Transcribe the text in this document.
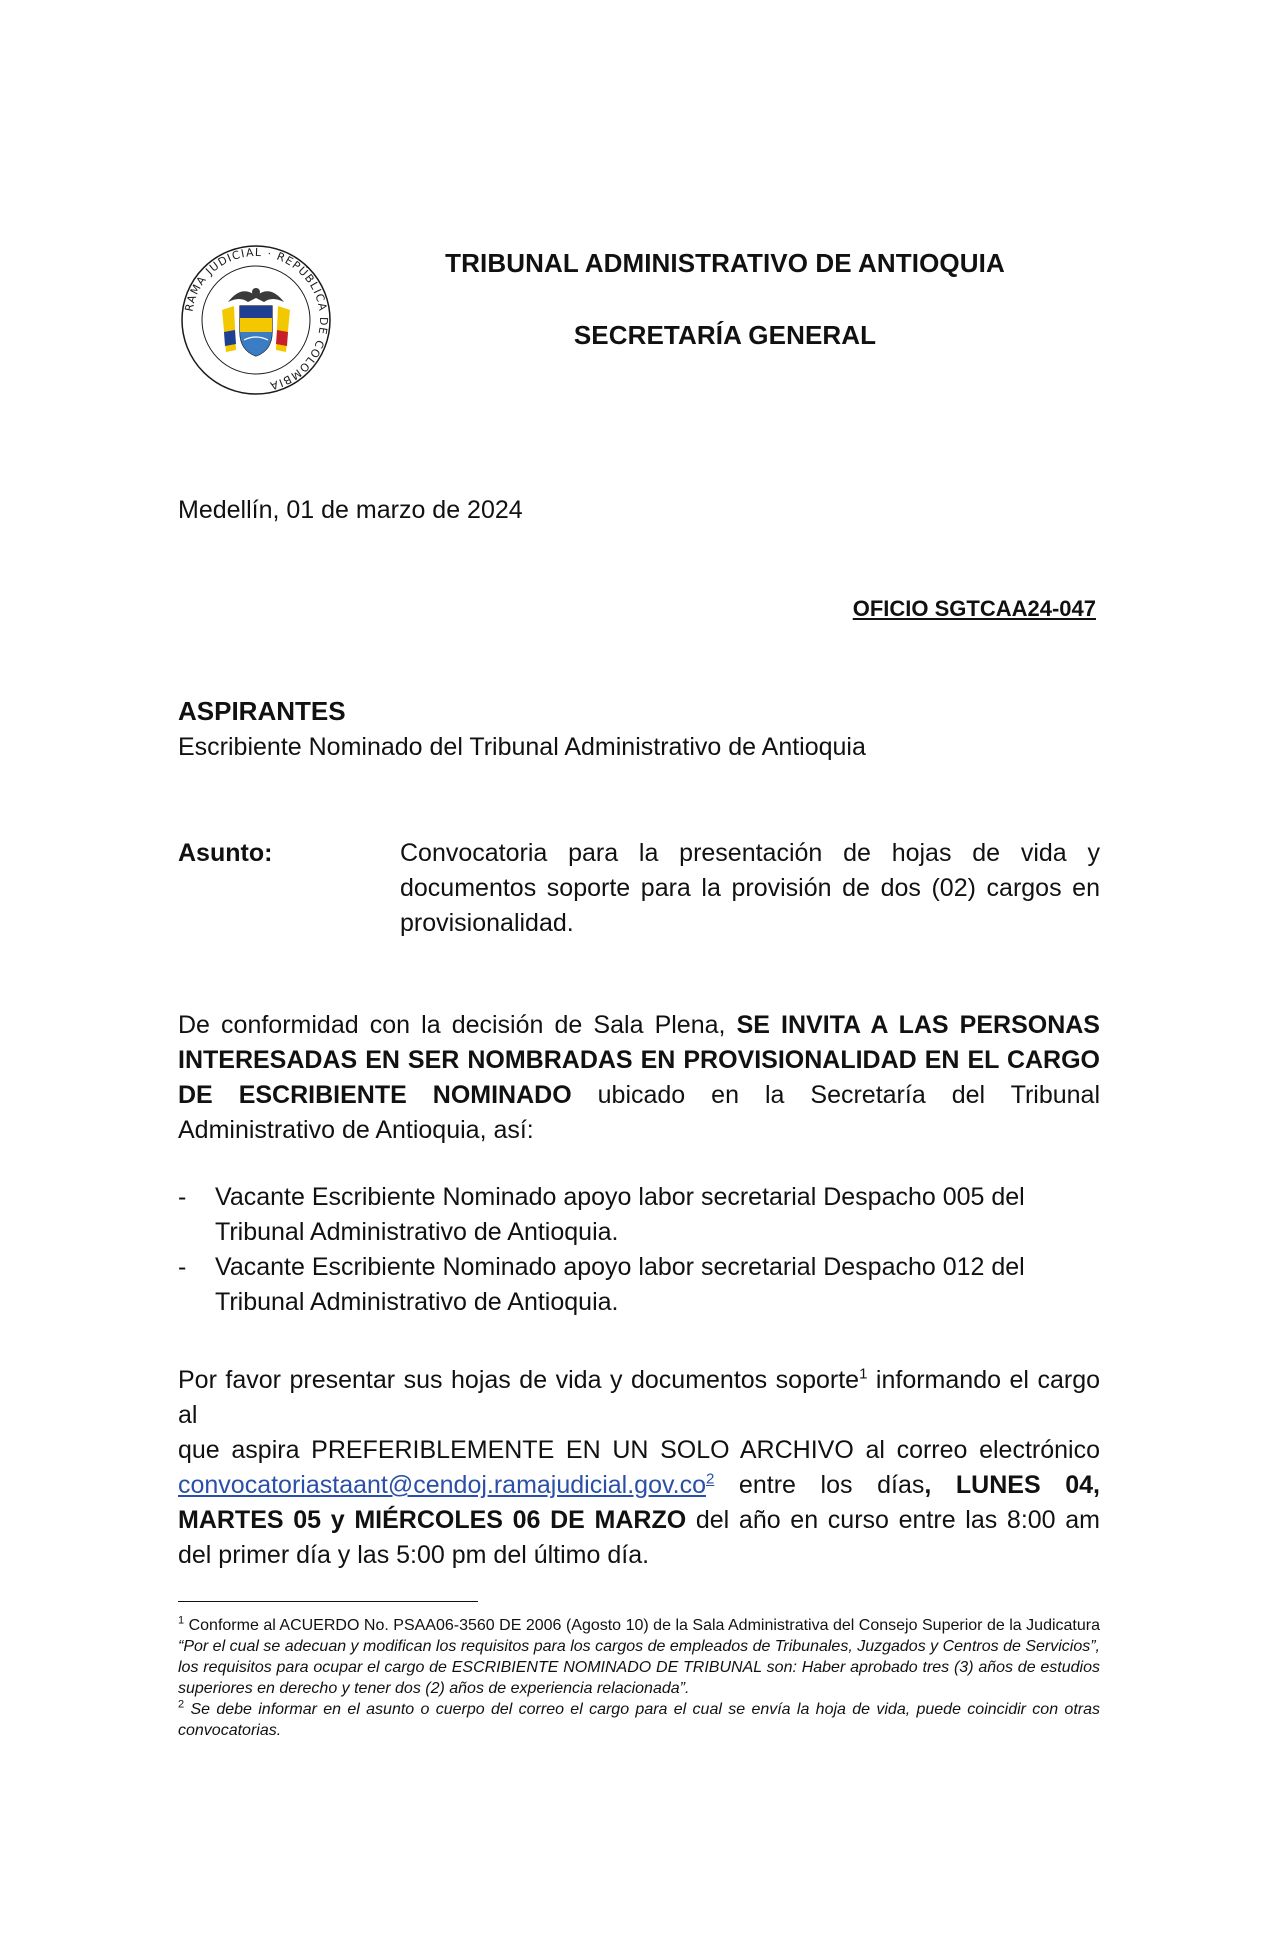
RAMA JUDICIAL · REPÚBLICA DE COLOMBIA
TRIBUNAL ADMINISTRATIVO DE ANTIOQUIA
SECRETARÍA GENERAL
Medellín, 01 de marzo de 2024
OFICIO SGTCAA24-047
ASPIRANTES
Escribiente Nominado del Tribunal Administrativo de Antioquia
Asunto:	Convocatoria para la presentación de hojas de vida y documentos soporte para la provisión de dos (02) cargos en provisionalidad.
De conformidad con la decisión de Sala Plena, SE INVITA A LAS PERSONAS INTERESADAS EN SER NOMBRADAS EN PROVISIONALIDAD EN EL CARGO DE ESCRIBIENTE NOMINADO ubicado en la Secretaría del Tribunal Administrativo de Antioquia, así:
- Vacante Escribiente Nominado apoyo labor secretarial Despacho 005 del Tribunal Administrativo de Antioquia.
- Vacante Escribiente Nominado apoyo labor secretarial Despacho 012 del Tribunal Administrativo de Antioquia.
Por favor presentar sus hojas de vida y documentos soporte$^1$ informando el cargo al
que aspira PREFERIBLEMENTE EN UN SOLO ARCHIVO al correo electrónico
$convocatoriastaant@cendoj.ramajudicial.gov.co^2$ entre los días, LUNES 04,
MARTES 05 y MIÉRCOLES 06 DE MARZO del año en curso entre las 8:00 am
del primer día y las 5:00 pm del último día.

$^1$ Conforme al ACUERDO No. PSAA06-3560 DE 2006 (Agosto 10) de la Sala Administrativa del Consejo Superior de la Judicatura “Por el cual se adecuan y modifican los requisitos para los cargos de empleados de Tribunales, Juzgados y Centros de Servicios”, los requisitos para ocupar el cargo de ESCRIBIENTE NOMINADO DE TRIBUNAL son: Haber aprobado tres (3) años de estudios superiores en derecho y tener dos (2) años de experiencia relacionada”.

$^2$ Se debe informar en el asunto o cuerpo del correo el cargo para el cual se envía la hoja de vida, puede coincidir con otras convocatorias.
